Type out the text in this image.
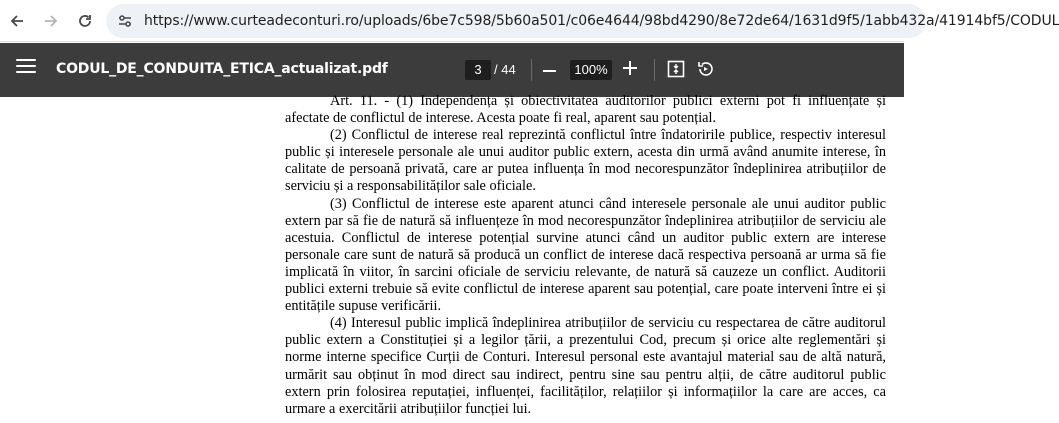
https://www.curteadeconturi.ro/uploads/6be7c598/5b60a501/c06e4644/98bd4290/8e72de64/1631d9f5/1abb432a/41914bf5/CODUL
CODUL_DE_CONDUITA_ETICA_actualizat.pdf	3 / 44	100%

Art. 11. - (1) Independența și obiectivitatea auditorilor publici externi pot fi influențate și afectate de conflictul de interese. Acesta poate fi real, aparent sau potențial.

(2) Conflictul de interese real reprezintă conflictul între îndatoririle publice, respectiv interesul public și interesele personale ale unui auditor public extern, acesta din urmă având anumite interese, în calitate de persoană privată, care ar putea influența în mod necorespunzător îndeplinirea atribuțiilor de serviciu și a responsabilităților sale oficiale.

(3) Conflictul de interese este aparent atunci când interesele personale ale unui auditor public extern par să fie de natură să influențeze în mod necorespunzător îndeplinirea atribuțiilor de serviciu ale acestuia. Conflictul de interese potențial survine atunci când un auditor public extern are interese personale care sunt de natură să producă un conflict de interese dacă respectiva persoană ar urma să fie implicată în viitor, în sarcini oficiale de serviciu relevante, de natură să cauzeze un conflict. Auditorii publici externi trebuie să evite conflictul de interese aparent sau potențial, care poate interveni între ei și entitățile supuse verificării.

(4) Interesul public implică îndeplinirea atribuțiilor de serviciu cu respectarea de către auditorul public extern a Constituției și a legilor țării, a prezentului Cod, precum și orice alte reglementări și norme interne specifice Curții de Conturi. Interesul personal este avantajul material sau de altă natură, urmărit sau obținut în mod direct sau indirect, pentru sine sau pentru alții, de către auditorul public extern prin folosirea reputației, influenței, facilităților, relațiilor și informațiilor la care are acces, ca urmare a exercitării atribuțiilor funcției lui.
